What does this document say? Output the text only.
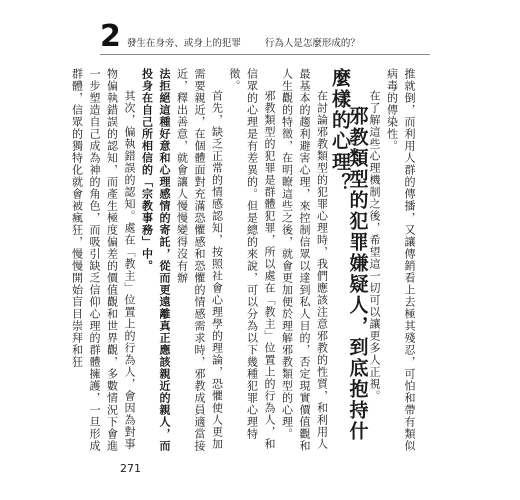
2 發生在身旁、或身上的犯罪	行為人是怎麼形成的？

推就倒，而利用人群的傳播，又讓傳銷看上去極其殘忍，可怕和帶有類似病毒的傳染性。

在了解這些心理機制之後，希望這一切可以讓更多人正視。

邪教類型的犯罪嫌疑人，到底抱持什麼樣的心理？

在討論邪教類型的犯罪心理時，我們應該注意邪教的性質，和利用人最基本的趨利避害心理，來控制信眾以達到私人目的，否定現實價值觀和人生觀的特徵，在明瞭這些之後，就會更加便於理解邪教類型的心理。

邪教類型的犯罪是群體犯罪，所以處在「教主」位置上的行為人，和信眾的心理是有差異的。但是總的來說，可以分為以下幾種犯罪心理特徵。

首先，缺乏正常的情感認知，按照社會心理學的理論，恐懼使人更加需要親近，在個體面對充滿恐懼感和恐懼的情感需求時，邪教成員適當接近，釋出善意，就會讓人慢慢變得沒有辦

法拒絕這種好意和心理感情的寄託，從而更遠離真正應該親近的親人，而投身在自己所相信的「宗教事務」中。

其次，偏執錯誤的認知。處在「教主」位置上的行為人，會因為對事物偏執錯誤的認知，而產生極度偏差的價值觀和世界觀，多數情況下會進一步塑造自己成為神的角色，而吸引缺乏信仰心理的群體擁護，一旦形成群體，信眾的獨特化就會被瘋狂，慢慢開始盲目崇拜和狂

271
